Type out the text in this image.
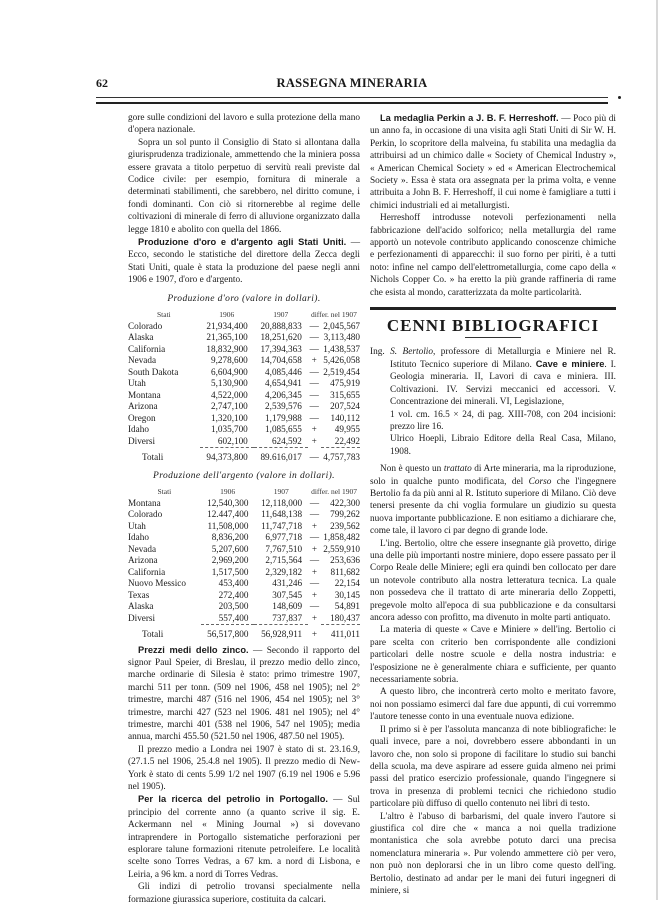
62	RASSEGNA MINERARIA

gore sulle condizioni del lavoro e sulla protezione della mano d'opera nazionale.

Sopra un sol punto il Consiglio di Stato si allontana dalla giurisprudenza tradizionale, ammettendo che la miniera possa essere gravata a titolo perpetuo di servitù reali previste dal Codice civile: per esempio, fornitura di minerale a determinati stabilimenti, che sarebbero, nel diritto comune, i fondi dominanti. Con ciò si ritornerebbe al regime delle coltivazioni di minerale di ferro di alluvione organizzato dalla legge 1810 e abolito con quella del 1866.

Produzione d'oro e d'argento agli Stati Uniti. — Ecco, secondo le statistiche del direttore della Zecca degli Stati Uniti, quale è stata la produzione del paese negli anni 1906 e 1907, d'oro e d'argento.

Produzione d'oro (valore in dollari).
Stati	1906	1907	differ. nel 1907	
Colorado	21,934,400	20,888,833	—	2,045,567
Alaska	21,365,100	18,251,620	—	3,113,480
California	18,832,900	17,394,363	—	1,438,537
Nevada	9,278,600	14,704,658	+	5,426,058
South Dakota	6,604,900	4,085,446	—	2,519,454
Utah	5,130,900	4,654,941	—	475,919
Montana	4,522,000	4,206,345	—	315,655
Arizona	2,747,100	2,539,576	—	207,524
Oregon	1,320,100	1,179,988	—	140,112
Idaho	1,035,700	1,085,655	+	49,955
Diversi	602,100	624,592	+	22,492

Totali	94,373,800	89.616,017	—	4,757,783
Produzione dell'argento (valore in dollari).
Stati	1906	1907	differ. nel 1907	
Montana	12,540,300	12,118,000	—	422,300
Colorado	12.447,400	11,648,138	—	799,262
Utah	11,508,000	11,747,718	+	239,562
Idaho	8,836,200	6,977,718	—	1,858,482
Nevada	5,207,600	7,767,510	+	2,559,910
Arizona	2,969,200	2,715,564	—	253,636
California	1,517,500	2,329,182	+	811,682
Nuovo Messico	453,400	431,246	—	22,154
Texas	272,400	307,545	+	30,145
Alaska	203,500	148,609	—	54,891
Diversi	557,400	737,837	+	180,437

Totali	56,517,800	56,928,911	+	411,011

Prezzi medi dello zinco. — Secondo il rapporto del signor Paul Speier, di Breslau, il prezzo medio dello zinco, marche ordinarie di Silesia è stato: primo trimestre 1907, marchi 511 per tonn. (509 nel 1906, 458 nel 1905); nel 2° trimestre, marchi 487 (516 nel 1906, 454 nel 1905); nel 3° trimestre, marchi 427 (523 nel 1906. 481 nel 1905); nel 4° trimestre, marchi 401 (538 nel 1906, 547 nel 1905); media annua, marchi 455.50 (521.50 nel 1906, 487.50 nel 1905).

Il prezzo medio a Londra nei 1907 è stato di st. 23.16.9, (27.1.5 nel 1906, 25.4.8 nel 1905). Il prezzo medio di New-York è stato di cents 5.99 1/2 nel 1907 (6.19 nel 1906 e 5.96 nel 1905).

Per la ricerca del petrolio in Portogallo. — Sul principio del corrente anno (a quanto scrive il sig. E. Ackermann nel « Mining Journal ») si dovevano intraprendere in Portogallo sistematiche perforazioni per esplorare talune formazioni ritenute petroleifere. Le località scelte sono Torres Vedras, a 67 km. a nord di Lisbona, e Leiria, a 96 km. a nord di Torres Vedras.

Gli indizi di petrolio trovansi specialmente nella formazione giurassica superiore, costituita da calcari.

La medaglia Perkin a J. B. F. Herreshoff. — Poco più di un anno fa, in occasione di una visita agli Stati Uniti di Sir W. H. Perkin, lo scopritore della malveina, fu stabilita una medaglia da attribuirsi ad un chimico dalle « Society of Chemical Industry », « American Chemical Society » ed « American Electrochemical Society ». Essa è stata ora assegnata per la prima volta, e venne attribuita a John B. F. Herreshoff, il cui nome è famigliare a tutti i chimici industriali ed ai metallurgisti.

Herreshoff introdusse notevoli perfezionamenti nella fabbricazione dell'acido solforico; nella metallurgia del rame apportò un notevole contributo applicando conoscenze chimiche e perfezionamenti di apparecchi: il suo forno per piriti, è a tutti noto: infine nel campo dell'elettrometallurgia, come capo della « Nichols Copper Co. » ha eretto la più grande raffineria di rame che esista al mondo, caratterizzata da molte particolarità.

CENNI BIBLIOGRAFICI

Ing. S. Bertolio, professore di Metallurgia e Miniere nel R. Istituto Tecnico superiore di Milano. Cave e miniere. I. Geologia mineraria. II, Lavori di cava e miniera. III. Coltivazioni. IV. Servizi meccanici ed accessori. V. Concentrazione dei minerali. VI, Legislazione,

1 vol. cm. 16.5 × 24, di pag. XIII-708, con 204 incisioni: prezzo lire 16.

Ulrico Hoepli, Libraio Editore della Real Casa, Milano, 1908.

Non è questo un trattato di Arte mineraria, ma la riproduzione, solo in qualche punto modificata, del Corso che l'ingegnere Bertolio fa da più anni al R. Istituto superiore di Milano. Ciò deve tenersi presente da chi voglia formulare un giudizio su questa nuova importante pubblicazione. E non esitiamo a dichiarare che, come tale, il lavoro ci par degno di grande lode.

L'ing. Bertolio, oltre che essere insegnante già provetto, dirige una delle più importanti nostre miniere, dopo essere passato per il Corpo Reale delle Miniere; egli era quindi ben collocato per dare un notevole contributo alla nostra letteratura tecnica. La quale non possedeva che il trattato di arte mineraria dello Zoppetti, pregevole molto all'epoca di sua pubblicazione e da consultarsi ancora adesso con profitto, ma divenuto in molte parti antiquato.

La materia di queste « Cave e Miniere » dell'ing. Bertolio ci pare scelta con criterio ben corrispondente alle condizioni particolari delle nostre scuole e della nostra industria: e l'esposizione ne è generalmente chiara e sufficiente, per quanto necessariamente sobria.

A questo libro, che incontrerà certo molto e meritato favore, noi non possiamo esimerci dal fare due appunti, di cui vorremmo l'autore tenesse conto in una eventuale nuova edizione.

Il primo si è per l'assoluta mancanza di note bibliografiche: le quali invece, pare a noi, dovrebbero essere abbondanti in un lavoro che, non solo si propone di facilitare lo studio sui banchi della scuola, ma deve aspirare ad essere guida almeno nei primi passi del pratico esercizio professionale, quando l'ingegnere si trova in presenza di problemi tecnici che richiedono studio particolare più diffuso di quello contenuto nei libri di testo.

L'altro è l'abuso di barbarismi, del quale invero l'autore si giustifica col dire che « manca a noi quella tradizione montanistica che sola avrebbe potuto darci una precisa nomenclatura mineraria ». Pur volendo ammettere ciò per vero, non può non deplorarsi che in un libro come questo dell'ing. Bertolio, destinato ad andar per le mani dei futuri ingegneri di miniere, si
